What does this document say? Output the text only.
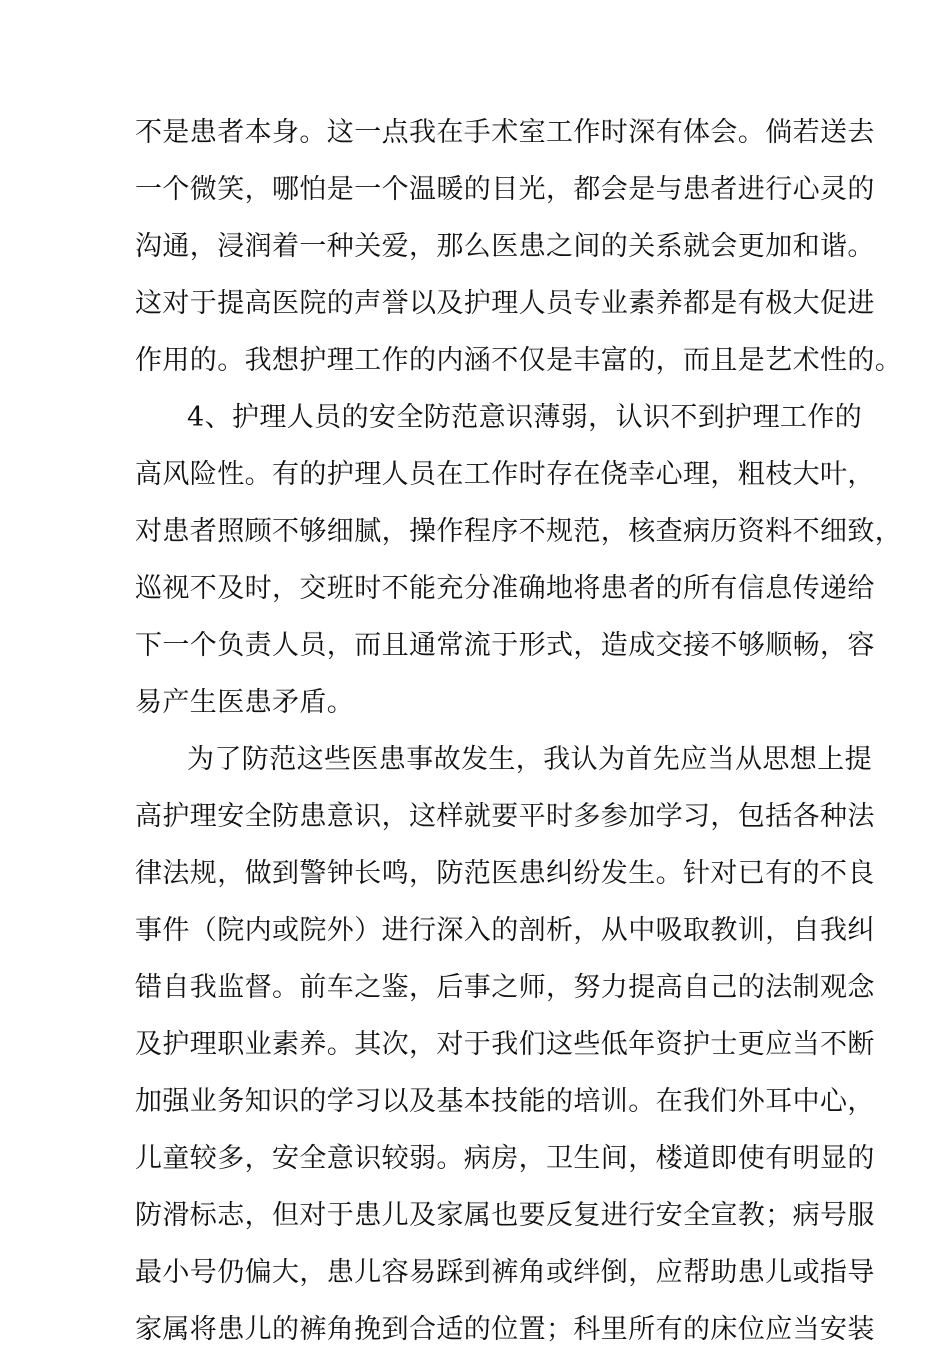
不是患者本身。这一点我在手术室工作时深有体会。倘若送去
一个微笑，哪怕是一个温暖的目光，都会是与患者进行心灵的
沟通，浸润着一种关爱，那么医患之间的关系就会更加和谐。
这对于提高医院的声誉以及护理人员专业素养都是有极大促进
作用的。我想护理工作的内涵不仅是丰富的，而且是艺术性的。
4、护理人员的安全防范意识薄弱，认识不到护理工作的
高风险性。有的护理人员在工作时存在侥幸心理，粗枝大叶，
对患者照顾不够细腻，操作程序不规范，核查病历资料不细致，
巡视不及时，交班时不能充分准确地将患者的所有信息传递给
下一个负责人员，而且通常流于形式，造成交接不够顺畅，容
易产生医患矛盾。
为了防范这些医患事故发生，我认为首先应当从思想上提
高护理安全防患意识，这样就要平时多参加学习，包括各种法
律法规，做到警钟长鸣，防范医患纠纷发生。针对已有的不良
事件（院内或院外）进行深入的剖析，从中吸取教训，自我纠
错自我监督。前车之鉴，后事之师，努力提高自己的法制观念
及护理职业素养。其次，对于我们这些低年资护士更应当不断
加强业务知识的学习以及基本技能的培训。在我们外耳中心，
儿童较多，安全意识较弱。病房，卫生间，楼道即使有明显的
防滑标志，但对于患儿及家属也要反复进行安全宣教；病号服
最小号仍偏大，患儿容易踩到裤角或绊倒，应帮助患儿或指导
家属将患儿的裤角挽到合适的位置；科里所有的床位应当安装
